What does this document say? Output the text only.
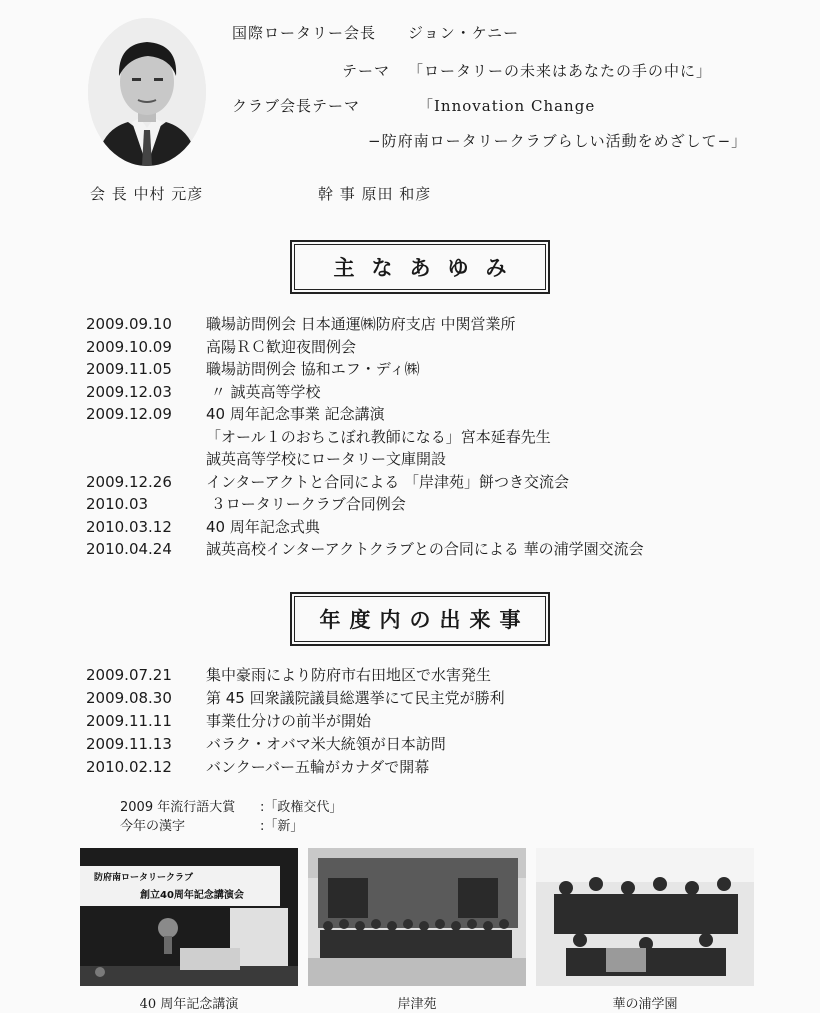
国際ロータリー会長 ジョン・ケニー
テーマ 「ロータリーの未来はあなたの手の中に」
クラブ会長テーマ	「Innovation Change
−防府南ロータリークラブらしい活動をめざして−」
会 長 中村 元彦	幹 事 原田 和彦
主なあゆみ
2009.09.10 職場訪問例会 日本通運㈱防府支店 中関営業所
2009.10.09 高陽ＲＣ歓迎夜間例会
2009.11.05 職場訪問例会 協和エフ・ディ㈱
2009.12.03 〃 誠英高等学校
2009.12.09 40 周年記念事業 記念講演
「オール１のおちこぼれ教師になる」宮本延春先生
誠英高等学校にロータリー文庫開設
2009.12.26 インターアクトと合同による 「岸津苑」餅つき交流会
2010.03	３ロータリークラブ合同例会
2010.03.12 40 周年記念式典
2010.04.24 誠英高校インターアクトクラブとの合同による 華の浦学園交流会
年度内の出来事
2009.07.21 集中豪雨により防府市右田地区で水害発生
2009.08.30 第 45 回衆議院議員総選挙にて民主党が勝利
2009.11.11 事業仕分けの前半が開始
2009.11.13 バラク・オバマ米大統領が日本訪問
2010.02.12 バンクーバー五輪がカナダで開幕
2009 年流行語大賞 :「政権交代」
今年の漢字	:「新」
防府南ロータリークラブ
創立40周年記念講演会
40 周年記念講演	岸津苑	華の浦学園
